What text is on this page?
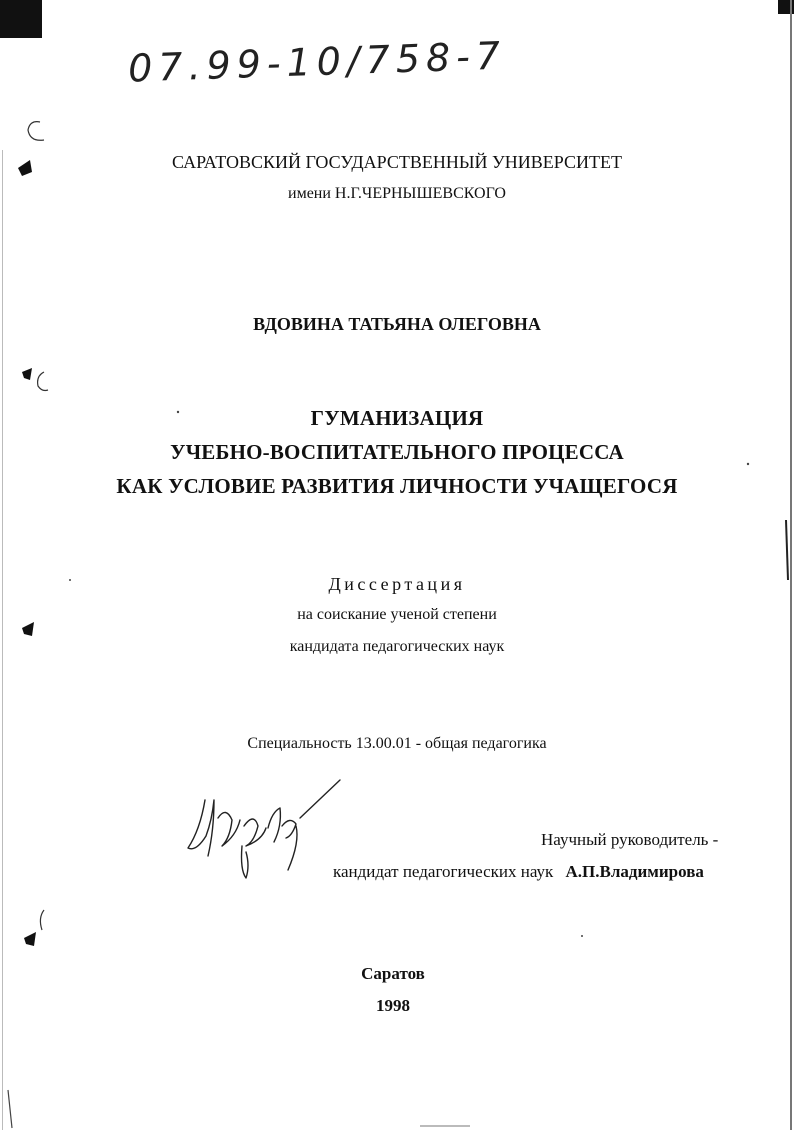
07.99-10/758-7
САРАТОВСКИЙ ГОСУДАРСТВЕННЫЙ УНИВЕРСИТЕТ
имени Н.Г.ЧЕРНЫШЕВСКОГО
ВДОВИНА ТАТЬЯНА ОЛЕГОВНА
ГУМАНИЗАЦИЯ
УЧЕБНО-ВОСПИТАТЕЛЬНОГО ПРОЦЕССА
КАК УСЛОВИЕ РАЗВИТИЯ ЛИЧНОСТИ УЧАЩЕГОСЯ
Диссертация
на соискание ученой степени
кандидата педагогических наук
Специальность 13.00.01 - общая педагогика
Научный руководитель -
кандидат педагогических наук А.П.Владимирова
Саратов
1998
